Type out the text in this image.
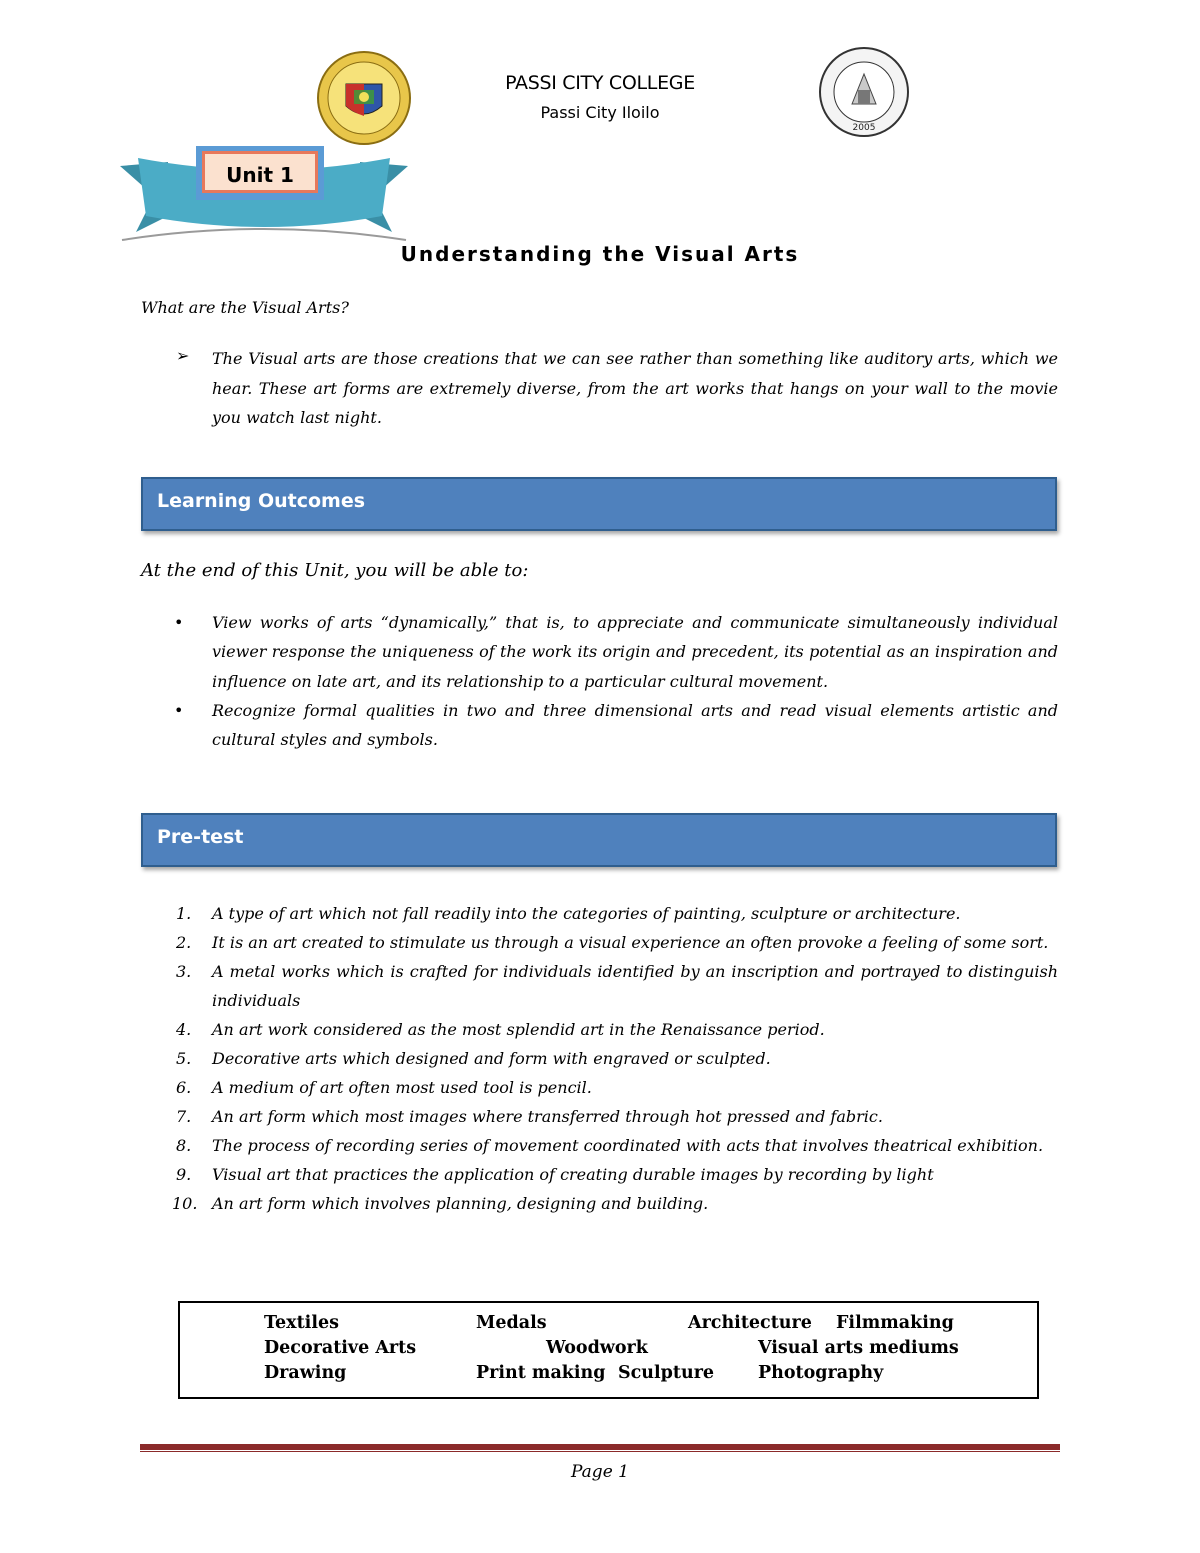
PASSI CITY COLLEGE
Passi City Iloilo
2005
Unit 1
Understanding the Visual Arts
What are the Visual Arts?
➢ The Visual arts are those creations that we can see rather than something like auditory arts, which we hear. These art forms are extremely diverse, from the art works that hangs on your wall to the movie you watch last night.
Learning Outcomes
At the end of this Unit, you will be able to:
• View works of arts “dynamically,” that is, to appreciate and communicate simultaneously individual viewer response the uniqueness of the work its origin and precedent, its potential as an inspiration and influence on late art, and its relationship to a particular cultural movement.
• Recognize formal qualities in two and three dimensional arts and read visual elements artistic and cultural styles and symbols.
Pre-test
1. A type of art which not fall readily into the categories of painting, sculpture or architecture.
2. It is an art created to stimulate us through a visual experience an often provoke a feeling of some sort.
3. A metal works which is crafted for individuals identified by an inscription and portrayed to distinguish individuals
4. An art work considered as the most splendid art in the Renaissance period.
5. Decorative arts which designed and form with engraved or sculpted.
6. A medium of art often most used tool is pencil.
7. An art form which most images where transferred through hot pressed and fabric.
8. The process of recording series of movement coordinated with acts that involves theatrical exhibition.
9. Visual art that practices the application of creating durable images by recording by light
10. An art form which involves planning, designing and building.
Textiles	Medals	Architecture Filmmaking
Decorative Arts	Woodwork	Visual arts mediums
Drawing	Print making Sculpture	Photography
Page 1
